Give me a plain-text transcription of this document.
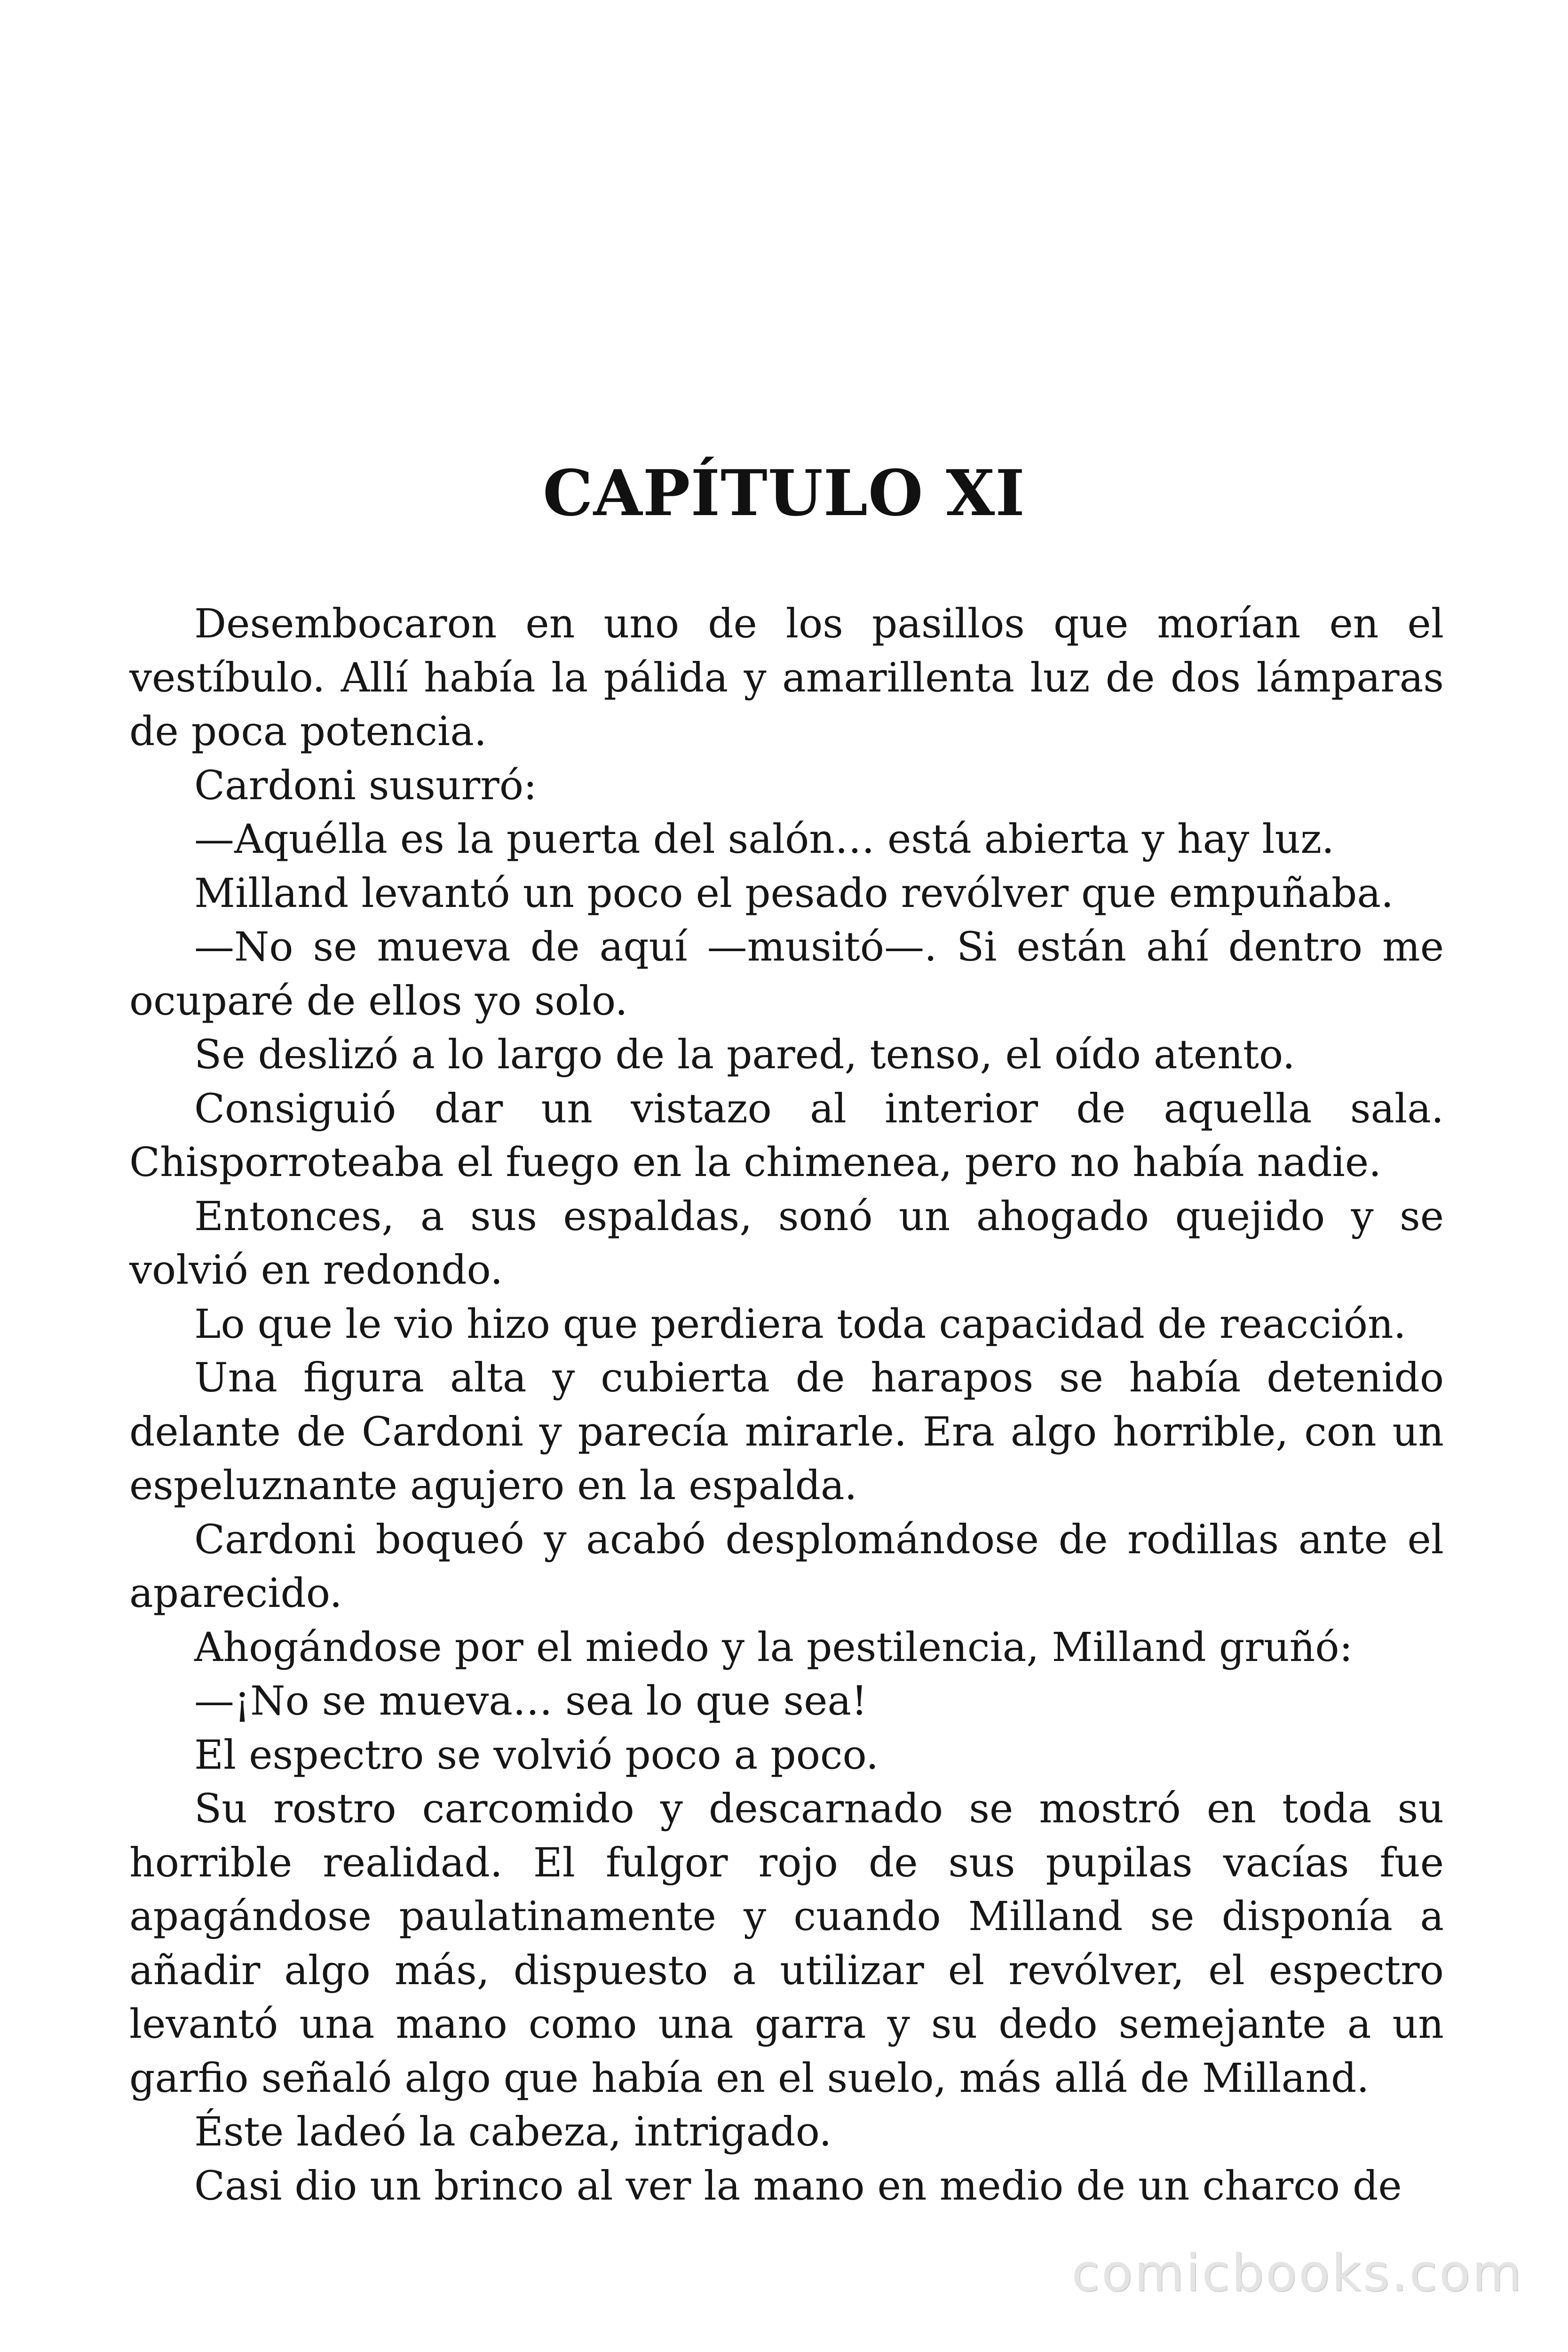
CAPÍTULO XI

Desembocaron en uno de los pasillos que morían en el vestíbulo. Allí había la pálida y amarillenta luz de dos lámparas de poca potencia.

Cardoni susurró:

—Aquélla es la puerta del salón… está abierta y hay luz.

Milland levantó un poco el pesado revólver que empuñaba.

—No se mueva de aquí —musitó—. Si están ahí dentro me ocuparé de ellos yo solo.

Se deslizó a lo largo de la pared, tenso, el oído atento.

Consiguió dar un vistazo al interior de aquella sala. Chisporroteaba el fuego en la chimenea, pero no había nadie.

Entonces, a sus espaldas, sonó un ahogado quejido y se volvió en redondo.

Lo que le vio hizo que perdiera toda capacidad de reacción.

Una figura alta y cubierta de harapos se había detenido delante de Cardoni y parecía mirarle. Era algo horrible, con un espeluznante agujero en la espalda.

Cardoni boqueó y acabó desplomándose de rodillas ante el aparecido.

Ahogándose por el miedo y la pestilencia, Milland gruñó:

—¡No se mueva… sea lo que sea!

El espectro se volvió poco a poco.

Su rostro carcomido y descarnado se mostró en toda su horrible realidad. El fulgor rojo de sus pupilas vacías fue apagándose paulatinamente y cuando Milland se disponía a añadir algo más, dispuesto a utilizar el revólver, el espectro levantó una mano como una garra y su dedo semejante a un garfio señaló algo que había en el suelo, más allá de Milland.

Éste ladeó la cabeza, intrigado.

Casi dio un brinco al ver la mano en medio de un charco de

comicbooks.com
